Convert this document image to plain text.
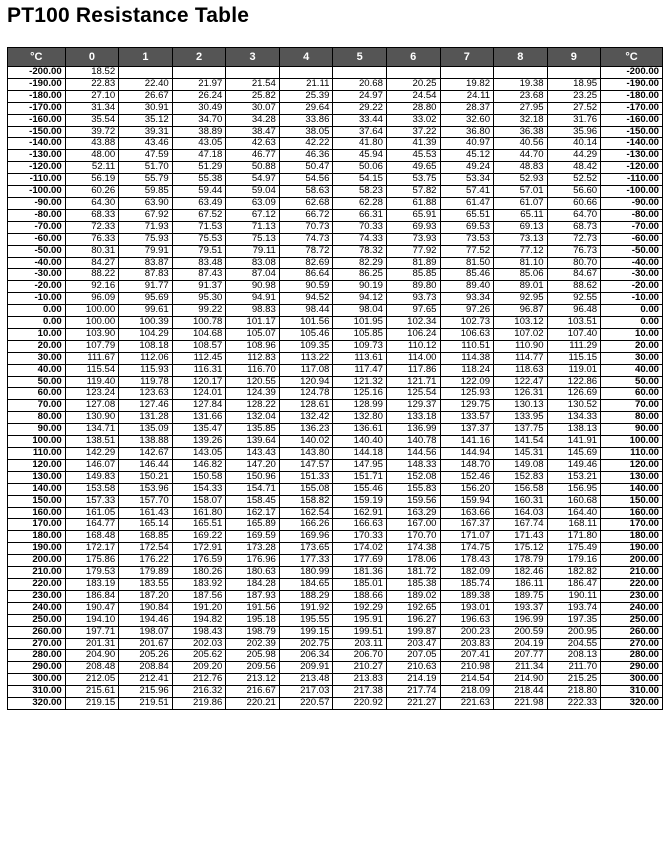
PT100 Resistance Table
°C	0	1	2	3	4	5	6	7	8	9	°C
-200.00	18.52										-200.00
-190.00	22.83	22.40	21.97	21.54	21.11	20.68	20.25	19.82	19.38	18.95	-190.00
-180.00	27.10	26.67	26.24	25.82	25.39	24.97	24.54	24.11	23.68	23.25	-180.00
-170.00	31.34	30.91	30.49	30.07	29.64	29.22	28.80	28.37	27.95	27.52	-170.00
-160.00	35.54	35.12	34.70	34.28	33.86	33.44	33.02	32.60	32.18	31.76	-160.00
-150.00	39.72	39.31	38.89	38.47	38.05	37.64	37.22	36.80	36.38	35.96	-150.00
-140.00	43.88	43.46	43.05	42.63	42.22	41.80	41.39	40.97	40.56	40.14	-140.00
-130.00	48.00	47.59	47.18	46.77	46.36	45.94	45.53	45.12	44.70	44.29	-130.00
-120.00	52.11	51.70	51.29	50.88	50.47	50.06	49.65	49.24	48.83	48.42	-120.00
-110.00	56.19	55.79	55.38	54.97	54.56	54.15	53.75	53.34	52.93	52.52	-110.00
-100.00	60.26	59.85	59.44	59.04	58.63	58.23	57.82	57.41	57.01	56.60	-100.00
-90.00	64.30	63.90	63.49	63.09	62.68	62.28	61.88	61.47	61.07	60.66	-90.00
-80.00	68.33	67.92	67.52	67.12	66.72	66.31	65.91	65.51	65.11	64.70	-80.00
-70.00	72.33	71.93	71.53	71.13	70.73	70.33	69.93	69.53	69.13	68.73	-70.00
-60.00	76.33	75.93	75.53	75.13	74.73	74.33	73.93	73.53	73.13	72.73	-60.00
-50.00	80.31	79.91	79.51	79.11	78.72	78.32	77.92	77.52	77.12	76.73	-50.00
-40.00	84.27	83.87	83.48	83.08	82.69	82.29	81.89	81.50	81.10	80.70	-40.00
-30.00	88.22	87.83	87.43	87.04	86.64	86.25	85.85	85.46	85.06	84.67	-30.00
-20.00	92.16	91.77	91.37	90.98	90.59	90.19	89.80	89.40	89.01	88.62	-20.00
-10.00	96.09	95.69	95.30	94.91	94.52	94.12	93.73	93.34	92.95	92.55	-10.00
0.00	100.00	99.61	99.22	98.83	98.44	98.04	97.65	97.26	96.87	96.48	0.00
0.00	100.00	100.39	100.78	101.17	101.56	101.95	102.34	102.73	103.12	103.51	0.00
10.00	103.90	104.29	104.68	105.07	105.46	105.85	106.24	106.63	107.02	107.40	10.00
20.00	107.79	108.18	108.57	108.96	109.35	109.73	110.12	110.51	110.90	111.29	20.00
30.00	111.67	112.06	112.45	112.83	113.22	113.61	114.00	114.38	114.77	115.15	30.00
40.00	115.54	115.93	116.31	116.70	117.08	117.47	117.86	118.24	118.63	119.01	40.00
50.00	119.40	119.78	120.17	120.55	120.94	121.32	121.71	122.09	122.47	122.86	50.00
60.00	123.24	123.63	124.01	124.39	124.78	125.16	125.54	125.93	126.31	126.69	60.00
70.00	127.08	127.46	127.84	128.22	128.61	128.99	129.37	129.75	130.13	130.52	70.00
80.00	130.90	131.28	131.66	132.04	132.42	132.80	133.18	133.57	133.95	134.33	80.00
90.00	134.71	135.09	135.47	135.85	136.23	136.61	136.99	137.37	137.75	138.13	90.00
100.00	138.51	138.88	139.26	139.64	140.02	140.40	140.78	141.16	141.54	141.91	100.00
110.00	142.29	142.67	143.05	143.43	143.80	144.18	144.56	144.94	145.31	145.69	110.00
120.00	146.07	146.44	146.82	147.20	147.57	147.95	148.33	148.70	149.08	149.46	120.00
130.00	149.83	150.21	150.58	150.96	151.33	151.71	152.08	152.46	152.83	153.21	130.00
140.00	153.58	153.96	154.33	154.71	155.08	155.46	155.83	156.20	156.58	156.95	140.00
150.00	157.33	157.70	158.07	158.45	158.82	159.19	159.56	159.94	160.31	160.68	150.00
160.00	161.05	161.43	161.80	162.17	162.54	162.91	163.29	163.66	164.03	164.40	160.00
170.00	164.77	165.14	165.51	165.89	166.26	166.63	167.00	167.37	167.74	168.11	170.00
180.00	168.48	168.85	169.22	169.59	169.96	170.33	170.70	171.07	171.43	171.80	180.00
190.00	172.17	172.54	172.91	173.28	173.65	174.02	174.38	174.75	175.12	175.49	190.00
200.00	175.86	176.22	176.59	176.96	177.33	177.69	178.06	178.43	178.79	179.16	200.00
210.00	179.53	179.89	180.26	180.63	180.99	181.36	181.72	182.09	182.46	182.82	210.00
220.00	183.19	183.55	183.92	184.28	184.65	185.01	185.38	185.74	186.11	186.47	220.00
230.00	186.84	187.20	187.56	187.93	188.29	188.66	189.02	189.38	189.75	190.11	230.00
240.00	190.47	190.84	191.20	191.56	191.92	192.29	192.65	193.01	193.37	193.74	240.00
250.00	194.10	194.46	194.82	195.18	195.55	195.91	196.27	196.63	196.99	197.35	250.00
260.00	197.71	198.07	198.43	198.79	199.15	199.51	199.87	200.23	200.59	200.95	260.00
270.00	201.31	201.67	202.03	202.39	202.75	203.11	203.47	203.83	204.19	204.55	270.00
280.00	204.90	205.26	205.62	205.98	206.34	206.70	207.05	207.41	207.77	208.13	280.00
290.00	208.48	208.84	209.20	209.56	209.91	210.27	210.63	210.98	211.34	211.70	290.00
300.00	212.05	212.41	212.76	213.12	213.48	213.83	214.19	214.54	214.90	215.25	300.00
310.00	215.61	215.96	216.32	216.67	217.03	217.38	217.74	218.09	218.44	218.80	310.00
320.00	219.15	219.51	219.86	220.21	220.57	220.92	221.27	221.63	221.98	222.33	320.00
